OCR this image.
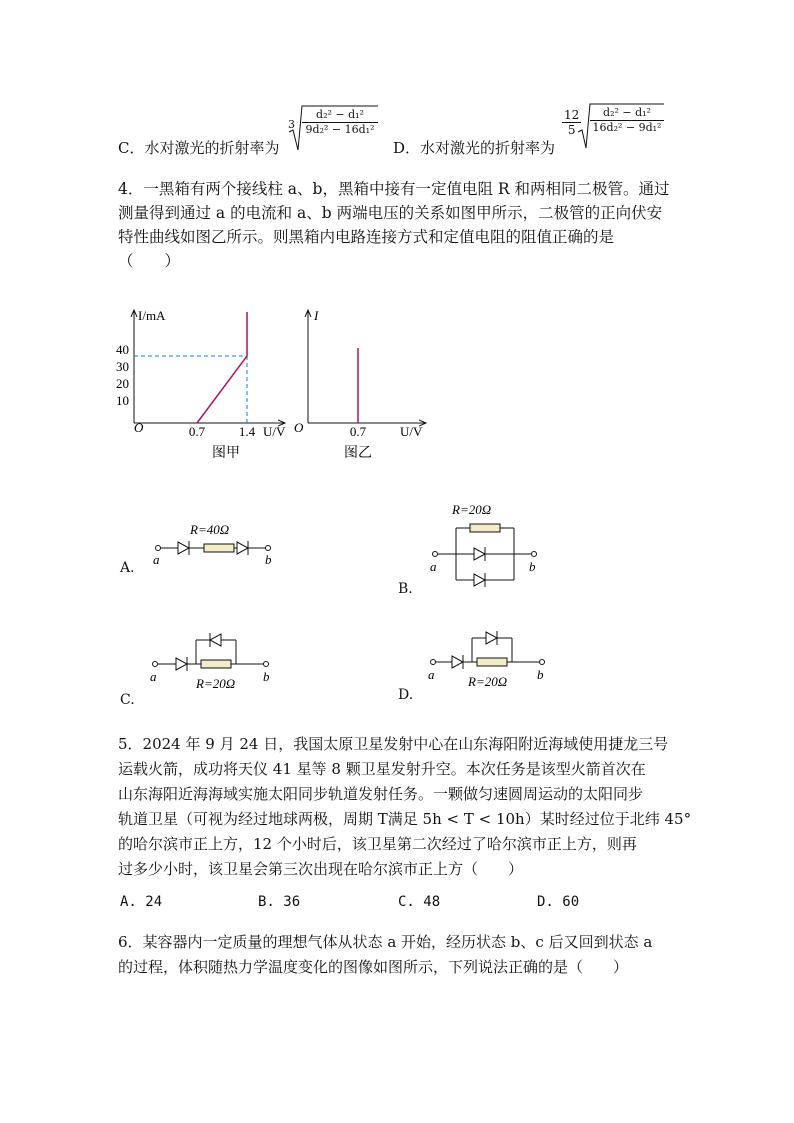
C．水对激光的折射率为
$3 \frac{\text{d₂² − d₁²}}{\text{9d₂² − 16d₁²}}$
D．水对激光的折射率为
$\frac{12}{5} \frac{\text{d₂² − d₁²}}{\text{16d₂² − 9d₁²}}$
4．一黑箱有两个接线柱 a、b，黑箱中接有一定值电阻 R 和两相同二极管。通过
测量得到通过 a 的电流和 a、b 两端电压的关系如图甲所示，二极管的正向伏安
特性曲线如图乙所示。则黑箱内电路连接方式和定值电阻的阻值正确的是
（　　）
I/mA
U/V
O
40
30
20
10
0.7	1.4
图甲
I
U/V
O	0.7
图乙
A.
R=40Ω
a	b
B.
R=20Ω
a	b
C.
a	R=20Ω b
D.
a	R=20Ω b
5．2024 年 9 月 24 日，我国太原卫星发射中心在山东海阳附近海域使用捷龙三号
运载火箭，成功将天仪 41 星等 8 颗卫星发射升空。本次任务是该型火箭首次在
山东海阳近海海域实施太阳同步轨道发射任务。一颗做匀速圆周运动的太阳同步
轨道卫星（可视为经过地球两极，周期 T满足 5h < T < 10h）某时经过位于北纬 45°
的哈尔滨市正上方，12 个小时后，该卫星第二次经过了哈尔滨市正上方，则再
过多少小时，该卫星会第三次出现在哈尔滨市正上方（　　）
A. 24	B. 36	C. 48	D. 60
6．某容器内一定质量的理想气体从状态 a 开始，经历状态 b、c 后又回到状态 a
的过程，体积随热力学温度变化的图像如图所示，下列说法正确的是（　　）
